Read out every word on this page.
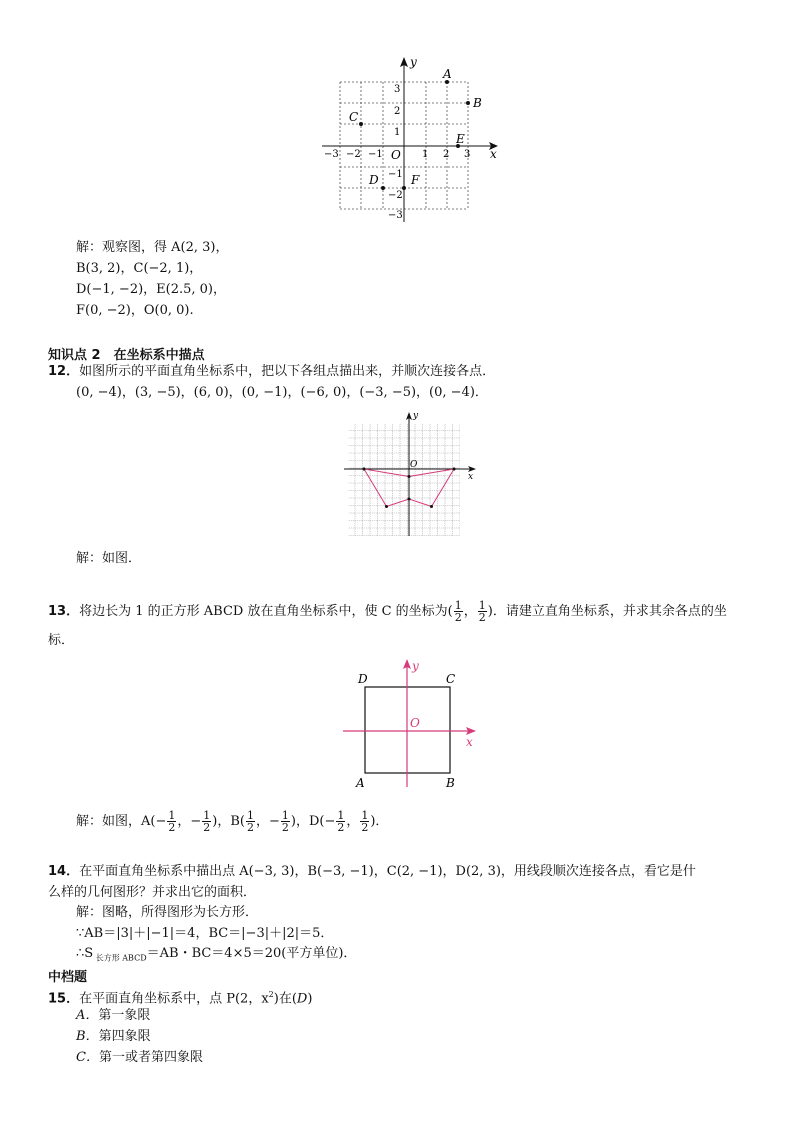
y
x
O
−3 −2 −1	1 2 3
3
2
1
−1
−2
−3
A
B
C
D
E
F
解：观察图，得 A(2, 3)，
B(3, 2)，C(−2, 1)，
D(−1, −2)，E(2.5, 0)，
F(0, −2)，O(0, 0).
知识点 2　在坐标系中描点
12．如图所示的平面直角坐标系中，把以下各组点描出来，并顺次连接各点．
(0, −4)，(3, −5)，(6, 0)，(0, −1)，(−6, 0)，(−3, −5)，(0, −4)．
y
x
O
解：如图．
13．将边长为 1 的正方形 ABCD 放在直角坐标系中，使 C 的坐标为( $\frac{1}{2}$ ， $\frac{1}{2}$ )．请建立直角坐标系，并求其余各点的坐
标．
y
x
O
D	C
A	B
解：如图，$A(- \frac{1}{2}$ ，− $\frac{1}{2}$ )，$B( \frac{1}{2}$ ，− $\frac{1}{2}$ )，$D(- \frac{1}{2}$ ， $\frac{1}{2}$ )．
14．在平面直角坐标系中描出点 A(−3, 3)，B(−3, −1)，C(2, −1)，D(2, 3)，用线段顺次连接各点，看它是什
么样的几何图形？并求出它的面积．
解：图略，所得图形为长方形．
∵AB＝|3|＋|−1|＝4，BC＝|−3|＋|2|＝5．
∴S $_{长方形 ABCD}$＝AB・BC＝4×5＝20(平方单位)．
中档题
15．在平面直角坐标系中，点 P(2，$x^2$)在(D)
A．第一象限
B．第四象限
C．第一或者第四象限
